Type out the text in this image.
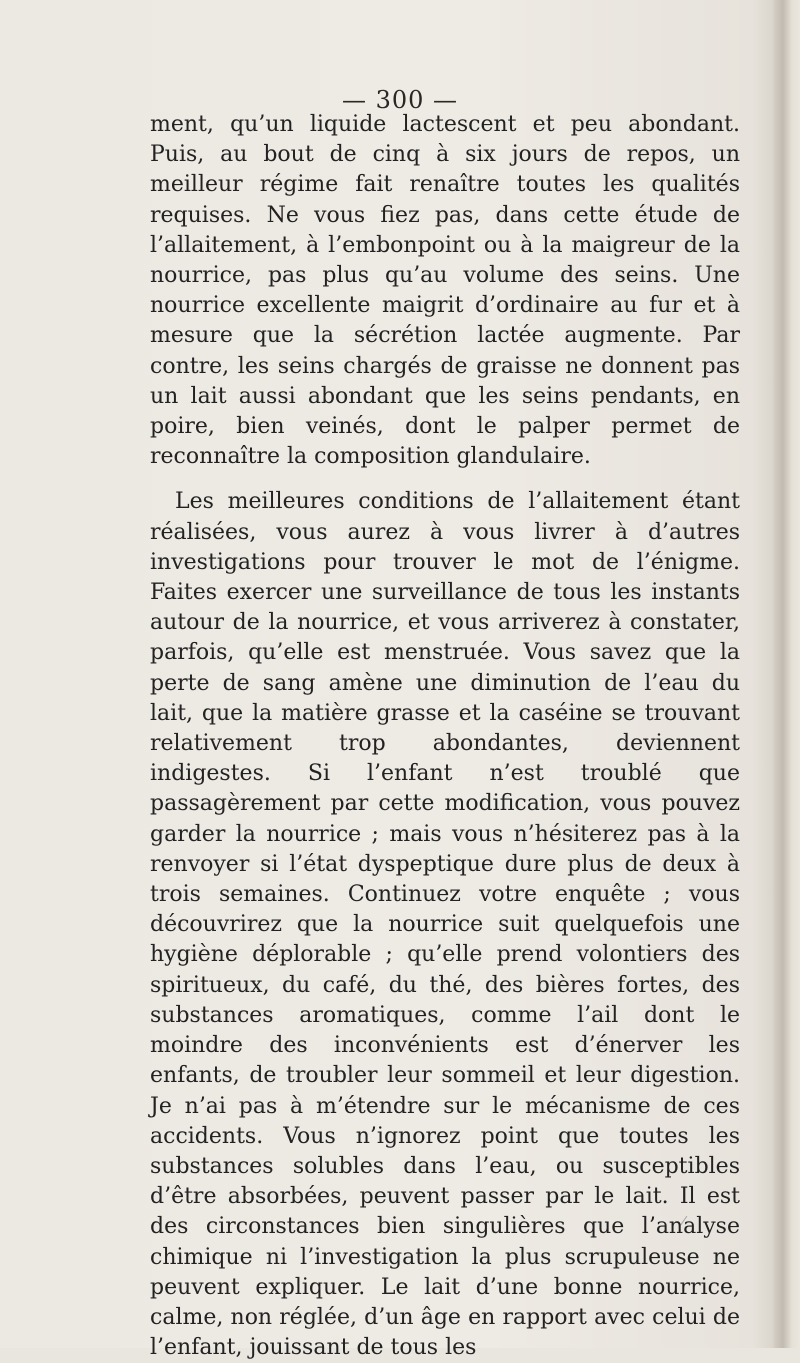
— 300 —

ment, qu’un liquide lactescent et peu abondant. Puis, au bout de cinq à six jours de repos, un meilleur régime fait renaître toutes les qualités requises. Ne vous fiez pas, dans cette étude de l’allaitement, à l’embonpoint ou à la maigreur de la nourrice, pas plus qu’au volume des seins. Une nourrice excellente maigrit d’ordinaire au fur et à mesure que la sécrétion lactée augmente. Par contre, les seins chargés de graisse ne donnent pas un lait aussi abondant que les seins pendants, en poire, bien veinés, dont le palper permet de reconnaître la composition glandulaire.

Les meilleures conditions de l’allaitement étant réalisées, vous aurez à vous livrer à d’autres investigations pour trouver le mot de l’énigme. Faites exercer une surveillance de tous les instants autour de la nourrice, et vous arriverez à constater, parfois, qu’elle est menstruée. Vous savez que la perte de sang amène une diminution de l’eau du lait, que la matière grasse et la caséine se trouvant relativement trop abondantes, deviennent indigestes. Si l’enfant n’est troublé que passagèrement par cette modification, vous pouvez garder la nourrice ; mais vous n’hésiterez pas à la renvoyer si l’état dyspeptique dure plus de deux à trois semaines. Continuez votre enquête ; vous découvrirez que la nourrice suit quelquefois une hygiène déplorable ; qu’elle prend volontiers des spiritueux, du café, du thé, des bières fortes, des substances aromatiques, comme l’ail dont le moindre des inconvénients est d’énerver les enfants, de troubler leur sommeil et leur digestion. Je n’ai pas à m’étendre sur le mécanisme de ces accidents. Vous n’ignorez point que toutes les substances solubles dans l’eau, ou susceptibles d’être absorbées, peuvent passer par le lait. Il est des circonstances bien singulières que l’analyse chimique ni l’investigation la plus scrupuleuse ne peuvent expliquer. Le lait d’une bonne nourrice, calme, non réglée, d’un âge en rapport avec celui de l’enfant, jouissant de tous les
